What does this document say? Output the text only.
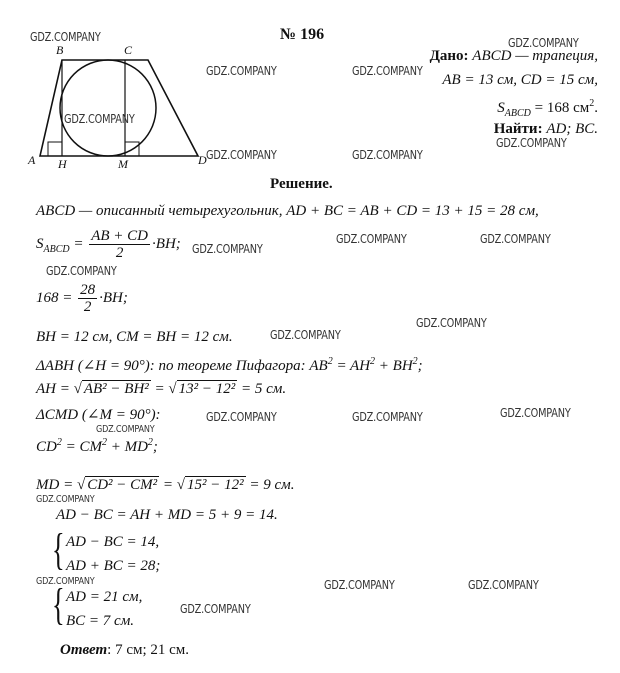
A
B	C
D
H	M
№ 196
Дано: ABCD — трапеция,
AB = 13 см, CD = 15 см,
$S_{ABCD} = 168$ $см^2$.
Найти: AD; BC.
Решение.
ABCD — описанный четырехугольник, AD + BC = AB + CD = 13 + 15 = 28 см,
$S_{ABCD} = \frac{AB + CD}{2} \cdot BH$;
$168 = \frac{28}{2} \cdot BH$;
BH = 12 см, CM = BH = 12 см.
ΔABH (∠H = 90°): по теореме Пифагора: $AB^2 = AH^2 + BH^2$;
AH = √ AB² − BH² = √ 13² − 12² = 5 см.
ΔCMD (∠M = 90°):
$CD^2 = CM^2 + MD^2$;
MD = √ CD² − CM² = √ 15² − 12² = 9 см.
AD − BC = AH + MD = 5 + 9 = 14.
{ AD − BC = 14,
AD + BC = 28;
{ AD = 21 см,
BC = 7 см.
Ответ: 7 см; 21 см.
GDZ.COMPANY	GDZ.COMPANY
GDZ.COMPANY	GDZ.COMPANY
GDZ.COMPANY
GDZ.COMPANY
GDZ.COMPANY	GDZ.COMPANY
GDZ.COMPANY
GDZ.COMPANY	GDZ.COMPANY
GDZ.COMPANY
GDZ.COMPANY
GDZ.COMPANY
GDZ.COMPANY	GDZ.COMPANY	GDZ.COMPANY
GDZ.COMPANY
GDZ.COMPANY
GDZ.COMPANY	GDZ.COMPANY	GDZ.COMPANY
GDZ.COMPANY
